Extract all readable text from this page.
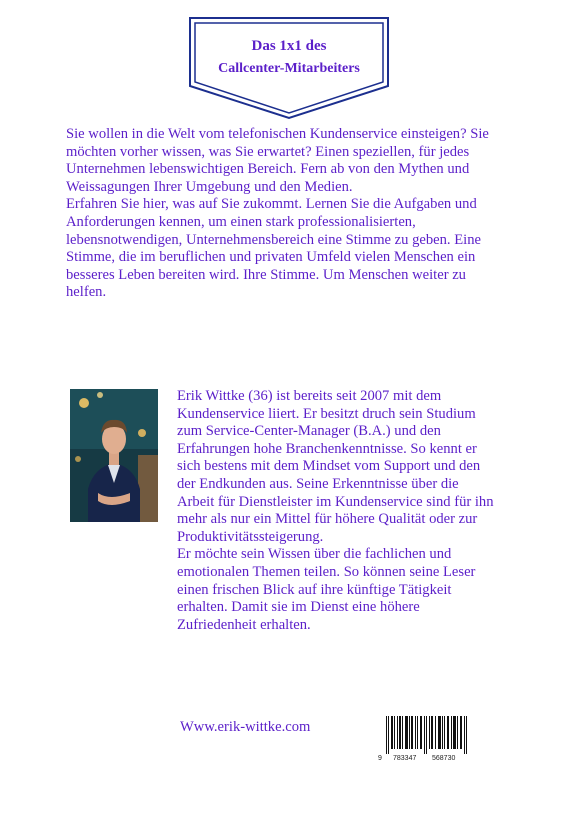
Das 1x1 des
Callcenter-Mitarbeiters

Sie wollen in die Welt vom telefonischen Kundenservice einsteigen? Sie möchten vorher wissen, was Sie erwartet? Einen speziellen, für jedes Unternehmen lebenswichtigen Bereich. Fern ab von den Mythen und Weissagungen Ihrer Umgebung und den Medien.

Erfahren Sie hier, was auf Sie zukommt. Lernen Sie die Aufgaben und Anforderungen kennen, um einen stark professionalisierten, lebensnotwendigen, Unternehmensbereich eine Stimme zu geben. Eine Stimme, die im beruflichen und privaten Umfeld vielen Menschen ein besseres Leben bereiten wird. Ihre Stimme. Um Menschen weiter zu helfen.

Erik Wittke (36) ist bereits seit 2007 mit dem Kundenservice liiert. Er besitzt druch sein Studium zum Service-Center-Manager (B.A.) und den Erfahrungen hohe Branchenkenntnisse. So kennt er sich bestens mit dem Mindset vom Support und den der Endkunden aus. Seine Erkenntnisse über die Arbeit für Dienstleister im Kundenservice sind für ihn mehr als nur ein Mittel für höhere Qualität oder zur Produktivitätssteigerung.

Er möchte sein Wissen über die fachlichen und emotionalen Themen teilen. So können seine Leser einen frischen Blick auf ihre künftige Tätigkeit erhalten. Damit sie im Dienst eine höhere Zufriedenheit erhalten.

Www.erik-wittke.com
9 783347 568730
